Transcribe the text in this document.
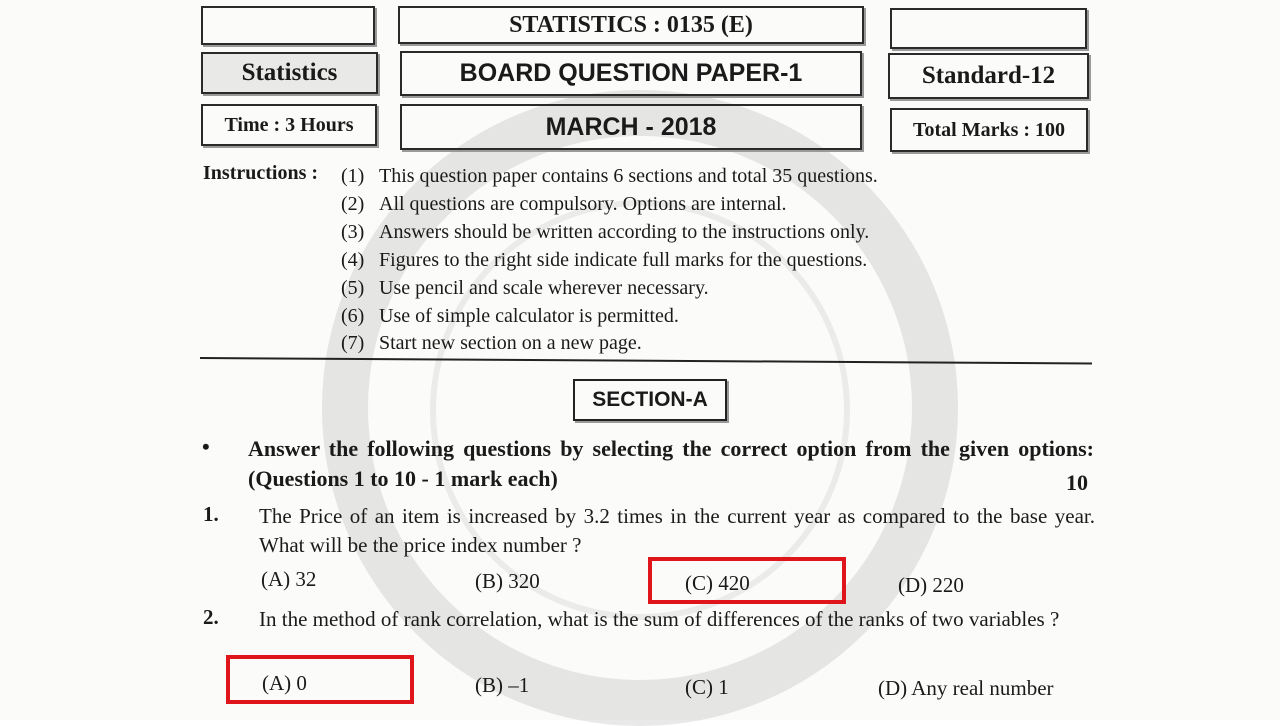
STATISTICS : 0135 (E)
Statistics	BOARD QUESTION PAPER-1	Standard-12
Time : 3 Hours	MARCH - 2018	Total Marks : 100
Instructions : (1) This question paper contains 6 sections and total 35 questions.
(2) All questions are compulsory. Options are internal.
(3) Answers should be written according to the instructions only.
(4) Figures to the right side indicate full marks for the questions.
(5) Use pencil and scale wherever necessary.
(6) Use of simple calculator is permitted.
(7) Start new section on a new page.
SECTION-A
• Answer the following questions by selecting the correct option from the given options: (Questions 1 to 10 - 1 mark each)	10
1. The Price of an item is increased by 3.2 times in the current year as compared to the base year. What will be the price index number ?
(A) 32	(B) 320	(C) 420	(D) 220
2. In the method of rank correlation, what is the sum of differences of the ranks of two variables ?
(A) 0	(B) –1	(C) 1	(D) Any real number
